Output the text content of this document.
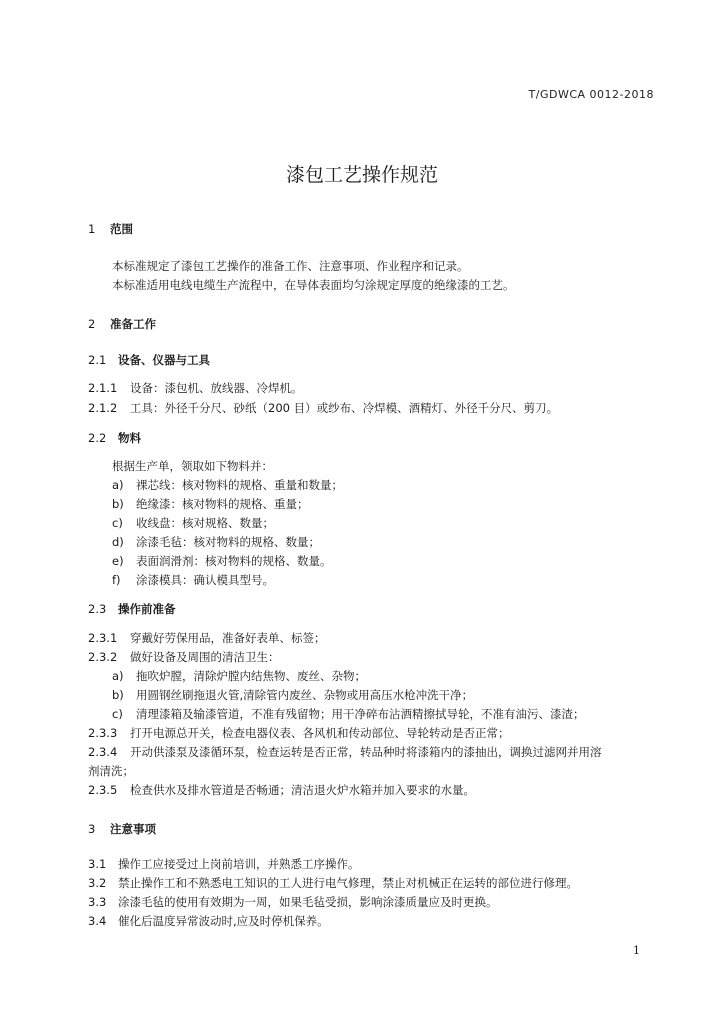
T/GDWCA 0012-2018
漆包工艺操作规范
1 范围
本标准规定了漆包工艺操作的准备工作、注意事项、作业程序和记录。
本标准适用电线电缆生产流程中，在导体表面均匀涂规定厚度的绝缘漆的工艺。
2 准备工作
2.1 设备、仪器与工具
2.1.1 设备：漆包机、放线器、冷焊机。
2.1.2 工具：外径千分尺、砂纸（200 目）或纱布、冷焊模、酒精灯、外径千分尺、剪刀。
2.2 物料
根据生产单，领取如下物料并：
a) 裸芯线：核对物料的规格、重量和数量；
b) 绝缘漆：核对物料的规格、重量；
c) 收线盘：核对规格、数量；
d) 涂漆毛毡：核对物料的规格、数量；
e) 表面润滑剂：核对物料的规格、数量。
f) 涂漆模具：确认模具型号。
2.3 操作前准备
2.3.1 穿戴好劳保用品，准备好表单、标签；
2.3.2 做好设备及周围的清洁卫生：
a) 拖吹炉膛，清除炉膛内结焦物、废丝、杂物；
b) 用圆钢丝刷拖退火管,清除管内废丝、杂物或用高压水枪冲洗干净；
c) 清理漆箱及输漆管道，不准有残留物；用干净碎布沾酒精擦拭导轮，不准有油污、漆渣；
2.3.3 打开电源总开关，检查电器仪表、各风机和传动部位、导轮转动是否正常；
2.3.4 开动供漆泵及漆循环泵，检查运转是否正常，转品种时将漆箱内的漆抽出，调换过滤网并用溶
剂清洗；
2.3.5 检查供水及排水管道是否畅通；清洁退火炉水箱并加入要求的水量。
3 注意事项
3.1 操作工应接受过上岗前培训，并熟悉工序操作。
3.2 禁止操作工和不熟悉电工知识的工人进行电气修理，禁止对机械正在运转的部位进行修理。
3.3 涂漆毛毡的使用有效期为一周，如果毛毡受损，影响涂漆质量应及时更换。
3.4 催化后温度异常波动时,应及时停机保养。
1
